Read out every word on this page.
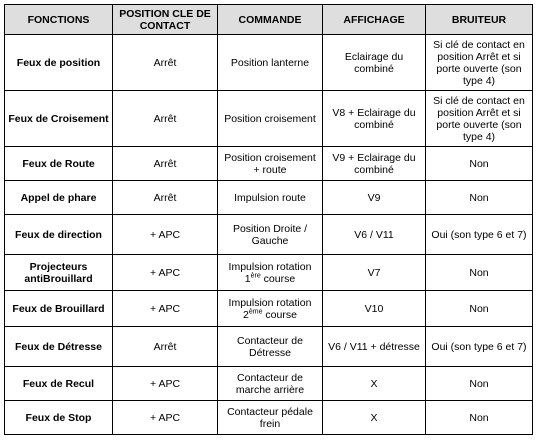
FONCTIONS	POSITION CLE DE CONTACT	COMMANDE	AFFICHAGE	BRUITEUR
Feux de position	Arrêt	Position lanterne	Eclairage du combiné	Si clé de contact en position Arrêt et si porte ouverte (son type 4)
Feux de Croisement	Arrêt	Position croisement	V8 + Eclairage du combiné	Si clé de contact en position Arrêt et si porte ouverte (son type 4)
Feux de Route	Arrêt	Position croisement + route	V9 + Eclairage du combiné	Non
Appel de phare	Arrêt	Impulsion route	V9	Non
Feux de direction	+ APC	Position Droite / Gauche	V6 / V11	Oui (son type 6 et 7)
Projecteurs antiBrouillard	+ APC	Impulsion rotation 1ère course	V7	Non
Feux de Brouillard	+ APC	Impulsion rotation 2ème course	V10	Non
Feux de Détresse	Arrêt	Contacteur de Détresse	V6 / V11 + détresse	Oui (son type 6 et 7)
Feux de Recul	+ APC	Contacteur de marche arrière	X	Non
Feux de Stop	+ APC	Contacteur pédale frein	X	Non
